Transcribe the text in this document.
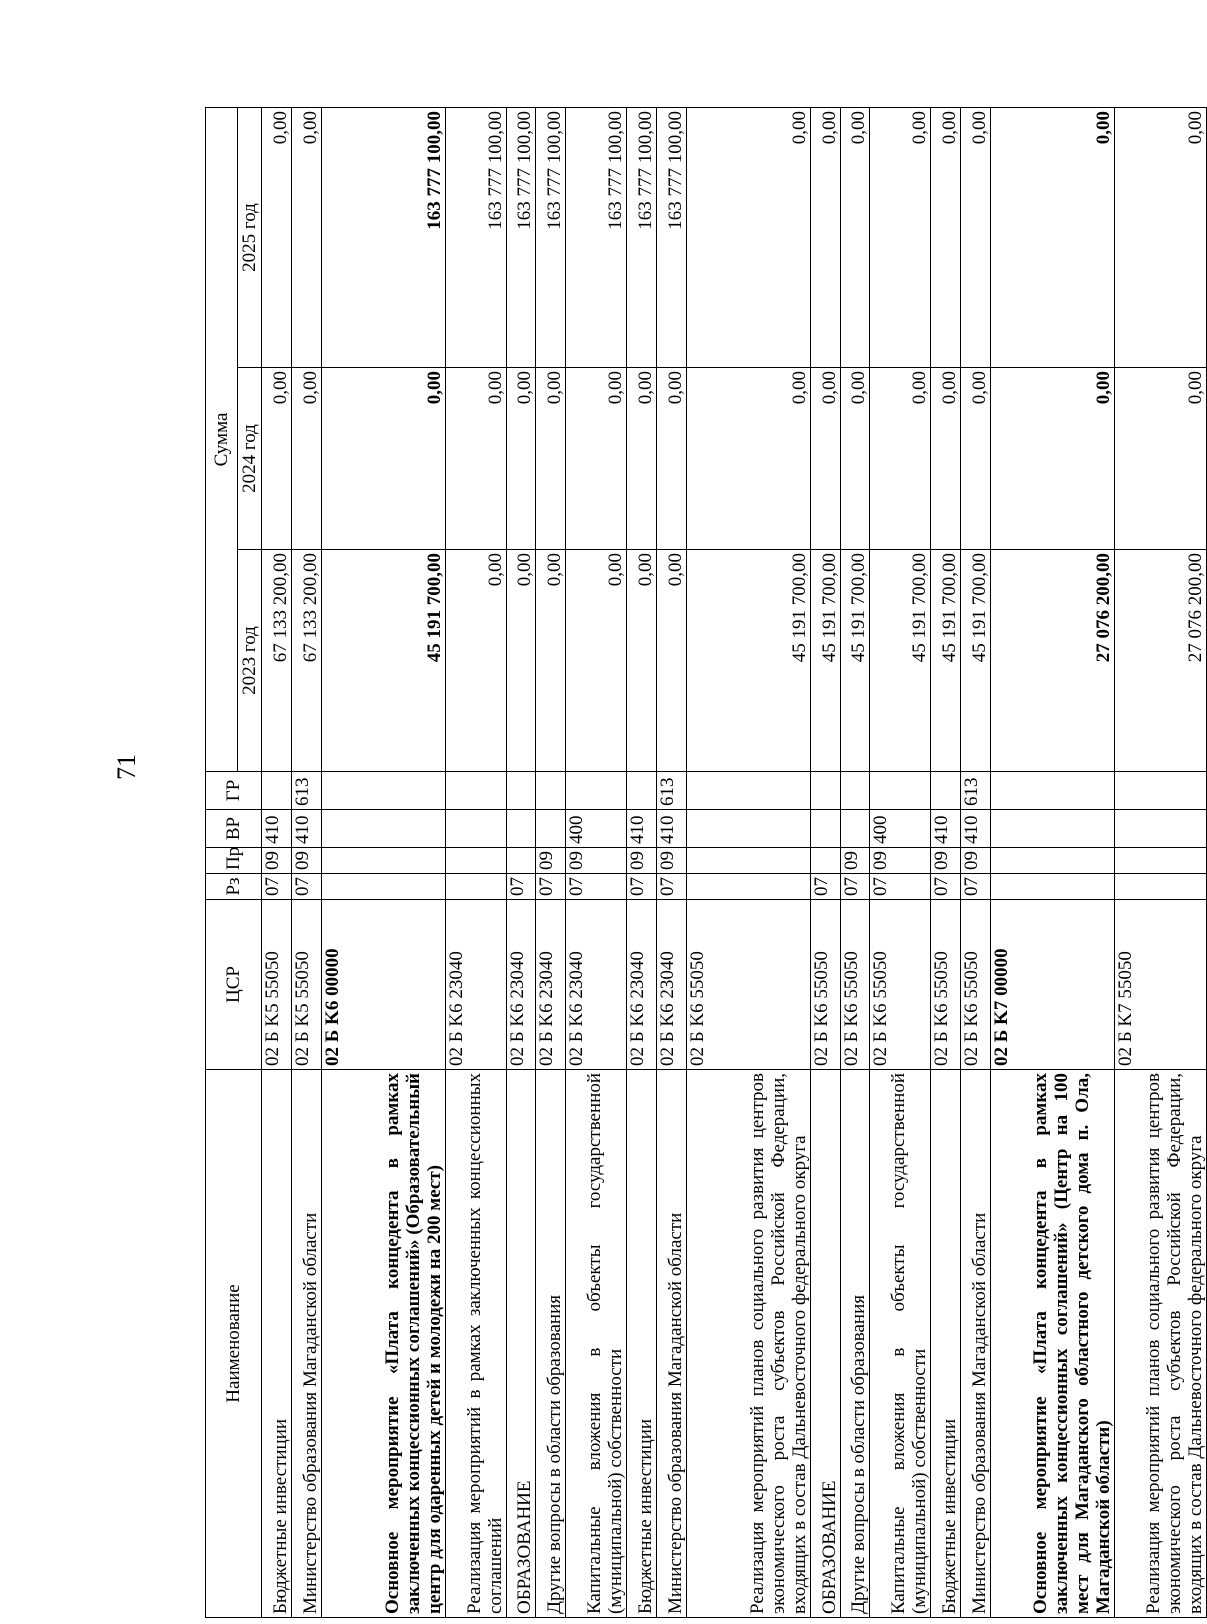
71
Наименование	ЦСР	Рз	Пр	ВР	ГР	Сумма		
						2023 год	2024 год	2025 год
Бюджетные инвестиции	02 Б K5 55050	07	09	410		67 133 200,00	0,00	0,00
Министерство образования Магаданской области	02 Б K5 55050	07	09	410	613	67 133 200,00	0,00	0,00
Основное мероприятие «Плата концедента в рамках заключенных концессионных соглашений» (Образовательный центр для одаренных детей и молодежи на 200 мест)	02 Б K6 00000					45 191 700,00	0,00	163 777 100,00
Реализация мероприятий в рамках заключенных концессионных соглашений	02 Б K6 23040					0,00	0,00	163 777 100,00
ОБРАЗОВАНИЕ	02 Б K6 23040	07				0,00	0,00	163 777 100,00
Другие вопросы в области образования	02 Б K6 23040	07	09			0,00	0,00	163 777 100,00
Капитальные вложения в объекты государственной (муниципальной) собственности	02 Б K6 23040	07	09	400		0,00	0,00	163 777 100,00
Бюджетные инвестиции	02 Б K6 23040	07	09	410		0,00	0,00	163 777 100,00
Министерство образования Магаданской области	02 Б K6 23040	07	09	410	613	0,00	0,00	163 777 100,00
Реализация мероприятий планов социального развития центров экономического роста субъектов Российской Федерации, входящих в состав Дальневосточного федерального округа	02 Б K6 55050					45 191 700,00	0,00	0,00
ОБРАЗОВАНИЕ	02 Б K6 55050	07				45 191 700,00	0,00	0,00
Другие вопросы в области образования	02 Б K6 55050	07	09			45 191 700,00	0,00	0,00
Капитальные вложения в объекты государственной (муниципальной) собственности	02 Б K6 55050	07	09	400		45 191 700,00	0,00	0,00
Бюджетные инвестиции	02 Б K6 55050	07	09	410		45 191 700,00	0,00	0,00
Министерство образования Магаданской области	02 Б K6 55050	07	09	410	613	45 191 700,00	0,00	0,00
Основное мероприятие «Плата концедента в рамках заключенных концессионных соглашений» (Центр на 100 мест для Магаданского областного детского дома п. Ола, Магаданской области)	02 Б K7 00000					27 076 200,00	0,00	0,00
Реализация мероприятий планов социального развития центров экономического роста субъектов Российской Федерации, входящих в состав Дальневосточного федерального округа	02 Б K7 55050					27 076 200,00	0,00	0,00
